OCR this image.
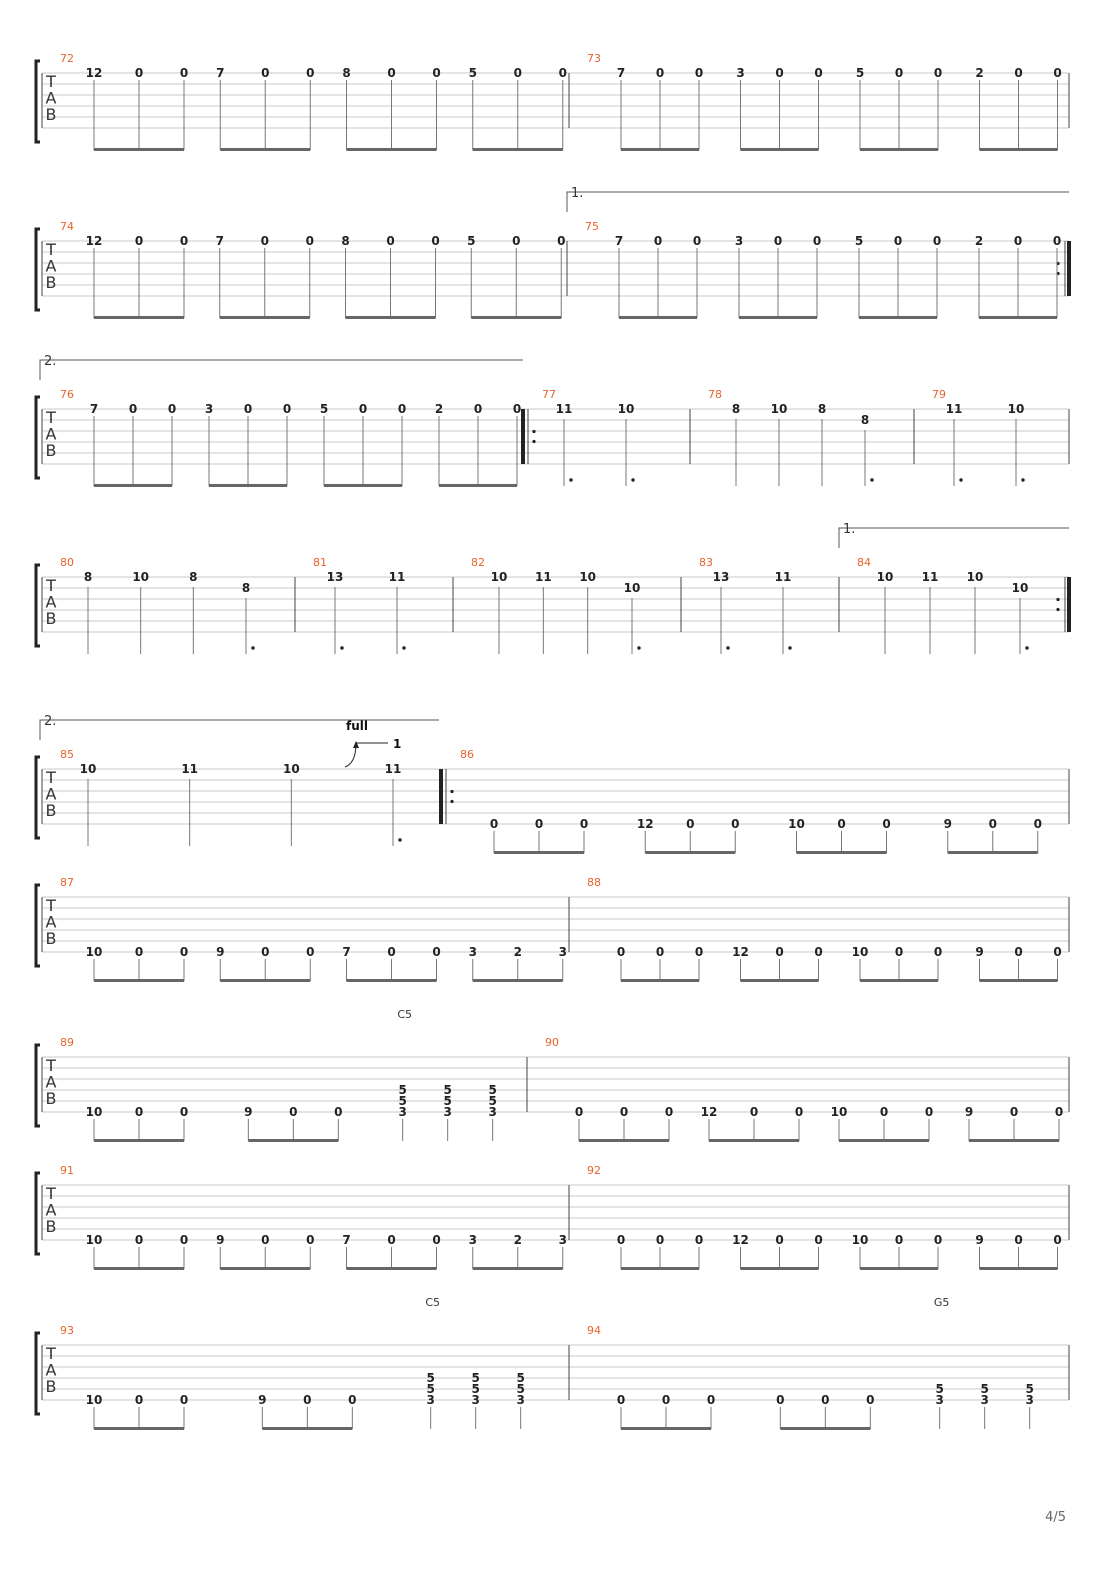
T
A
B
72
12	0	0 7	0	0 8	0	0 5	0	0
73
7	0	0	3	0	0	5	0	0	2	0	0
T
A
B
1.
74
12	0	0 7	0	0 8	0	0 5	0	0
75
7	0	0	3	0	0	5	0	0	2	0	0
T
A
B
2.
76
7	0	0 3	0	0 5	0	0 2	0	0
77
11	10
78
8	10	8
8
79
11	10
T
A
B
1.
80
8	10	8
8
81
13	11
82
10 11 10
10
83
13	11
84
10 11 10
10
T
A
B
2.
85
10	11	10	11
86
0	0	0	12	0	0	10	0	0	9	0	0
full
1
T
A
B
87
10	0	0 9	0	0 7	0	0 3	2	3
88
0	0	0 12 0	0 10 0	0	9	0	0
T
A
B
89
10	0	0	9	0	0
5
5
3
5
5
3
5
5
3
90
0	0	0 12	0	0 10	0	0	9	0	0
C5
T
A
B
91
10	0	0 9	0	0 7	0	0 3	2	3
92
0	0	0 12 0	0 10 0	0	9	0	0
T
A
B
93
10	0	0	9	0	0
5
5
3
5
5
3
5
5
3
94
0	0	0	0	0	0
5
3
5
3
5
3
C5	G5
4/5
